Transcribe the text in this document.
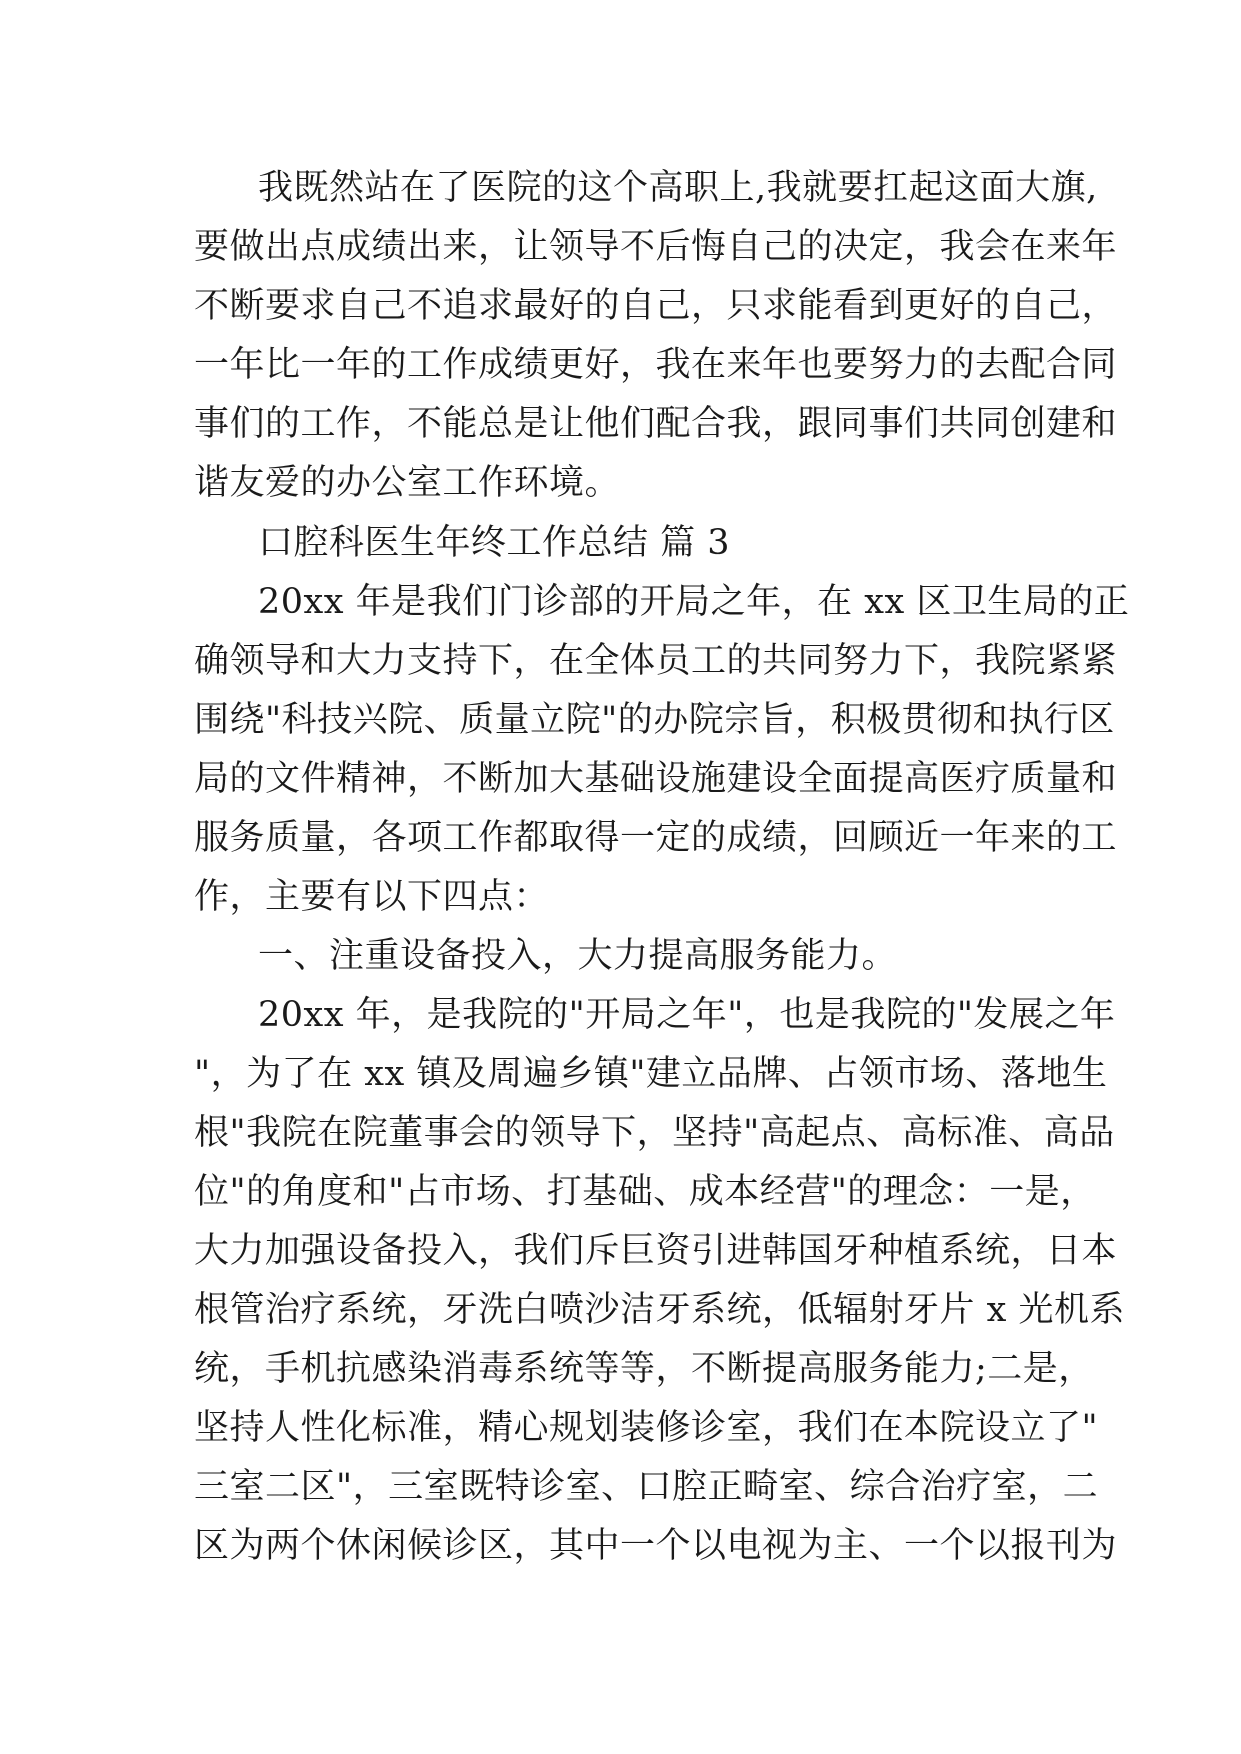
我既然站在了医院的这个高职上,我就要扛起这面大旗,
要做出点成绩出来，让领导不后悔自己的决定，我会在来年
不断要求自己不追求最好的自己，只求能看到更好的自己，
一年比一年的工作成绩更好，我在来年也要努力的去配合同
事们的工作，不能总是让他们配合我，跟同事们共同创建和
谐友爱的办公室工作环境。
口腔科医生年终工作总结 篇 3
20xx 年是我们门诊部的开局之年，在 xx 区卫生局的正
确领导和大力支持下，在全体员工的共同努力下，我院紧紧
围绕"科技兴院、质量立院"的办院宗旨，积极贯彻和执行区
局的文件精神，不断加大基础设施建设全面提高医疗质量和
服务质量，各项工作都取得一定的成绩，回顾近一年来的工
作，主要有以下四点：
一、注重设备投入，大力提高服务能力。
20xx 年，是我院的"开局之年"，也是我院的"发展之年
"，为了在 xx 镇及周遍乡镇"建立品牌、占领市场、落地生
根"我院在院董事会的领导下，坚持"高起点、高标准、高品
位"的角度和"占市场、打基础、成本经营"的理念：一是，
大力加强设备投入，我们斥巨资引进韩国牙种植系统，日本
根管治疗系统，牙洗白喷沙洁牙系统，低辐射牙片 x 光机系
统，手机抗感染消毒系统等等，不断提高服务能力;二是，
坚持人性化标准，精心规划装修诊室，我们在本院设立了"
三室二区"，三室既特诊室、口腔正畸室、综合治疗室，二
区为两个休闲候诊区，其中一个以电视为主、一个以报刊为
